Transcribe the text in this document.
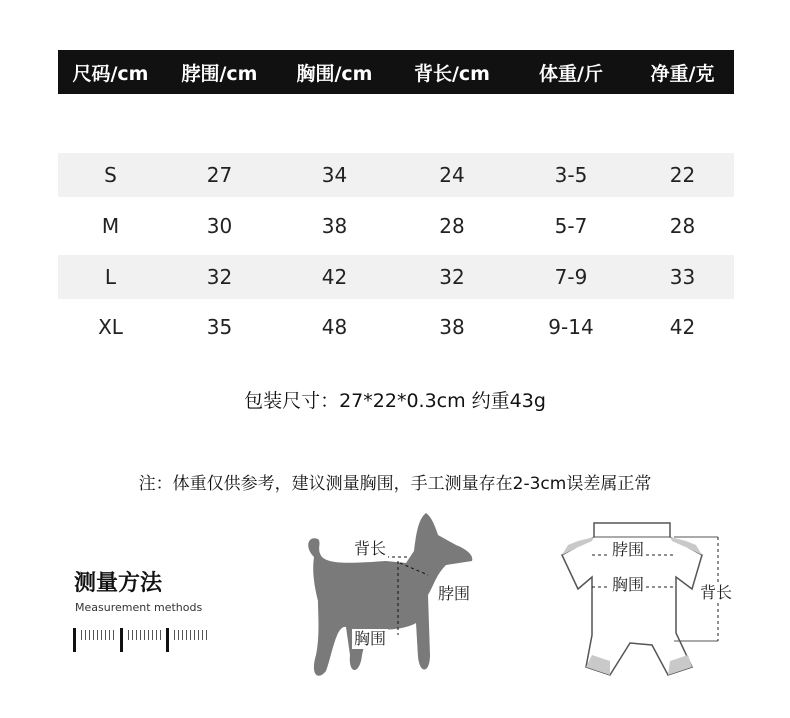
尺码/cm	脖围/cm	胸围/cm	背长/cm	体重/斤	净重/克
S	27	34	24	3-5	22
M	30	38	28	5-7	28
L	32	42	32	7-9	33
XL	35	48	38	9-14	42
包装尺寸：27*22*0.3cm 约重43g
注：体重仅供参考，建议测量胸围，手工测量存在2-3cm误差属正常
测量方法
Measurement methods
背长
脖围
胸围
脖围
胸围	背长
